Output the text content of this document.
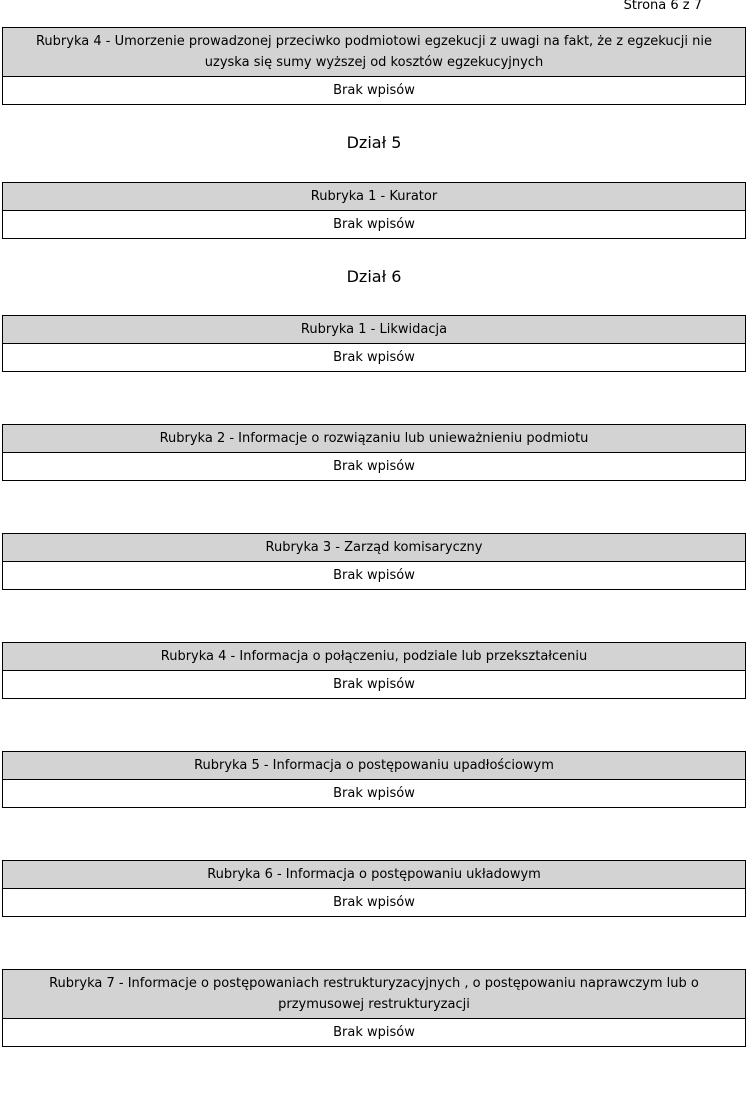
Strona 6 z 7
Rubryka 4 - Umorzenie prowadzonej przeciwko podmiotowi egzekucji z uwagi na fakt, że z egzekucji nie uzyska się sumy wyższej od kosztów egzekucyjnych
Brak wpisów
Dział 5
Rubryka 1 - Kurator
Brak wpisów
Dział 6
Rubryka 1 - Likwidacja
Brak wpisów
Rubryka 2 - Informacje o rozwiązaniu lub unieważnieniu podmiotu
Brak wpisów
Rubryka 3 - Zarząd komisaryczny
Brak wpisów
Rubryka 4 - Informacja o połączeniu, podziale lub przekształceniu
Brak wpisów
Rubryka 5 - Informacja o postępowaniu upadłościowym
Brak wpisów
Rubryka 6 - Informacja o postępowaniu układowym
Brak wpisów
Rubryka 7 - Informacje o postępowaniach restrukturyzacyjnych , o postępowaniu naprawczym lub o przymusowej restrukturyzacji
Brak wpisów
